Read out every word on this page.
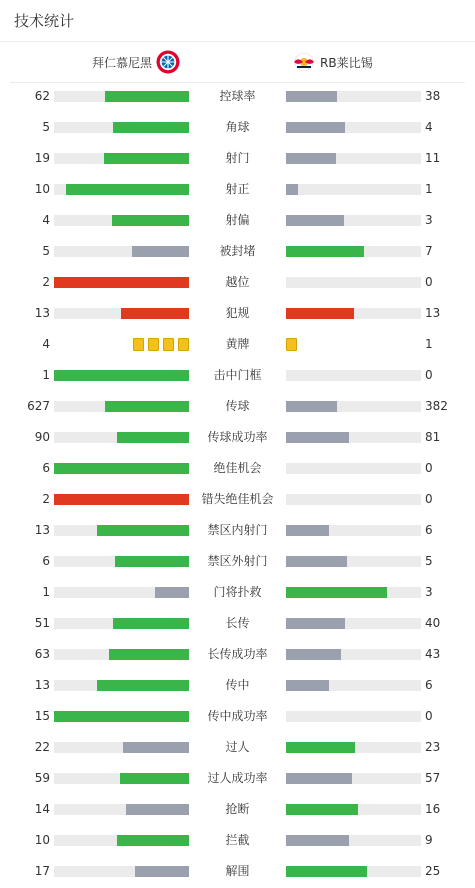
技术统计
拜仁慕尼黑	RB莱比锡
62	控球率	38
5	角球	4
19	射门	11
10	射正	1
4	射偏	3
5	被封堵	7
2	越位	0
13	犯规	13
4	黄牌	1
1	击中门框	0
627	传球	382
90	传球成功率	81
6	绝佳机会	0
2	错失绝佳机会	0
13	禁区内射门	6
6	禁区外射门	5
1	门将扑救	3
51	长传	40
63	长传成功率	43
13	传中	6
15	传中成功率	0
22	过人	23
59	过人成功率	57
14	抢断	16
10	拦截	9
17	解围	25
